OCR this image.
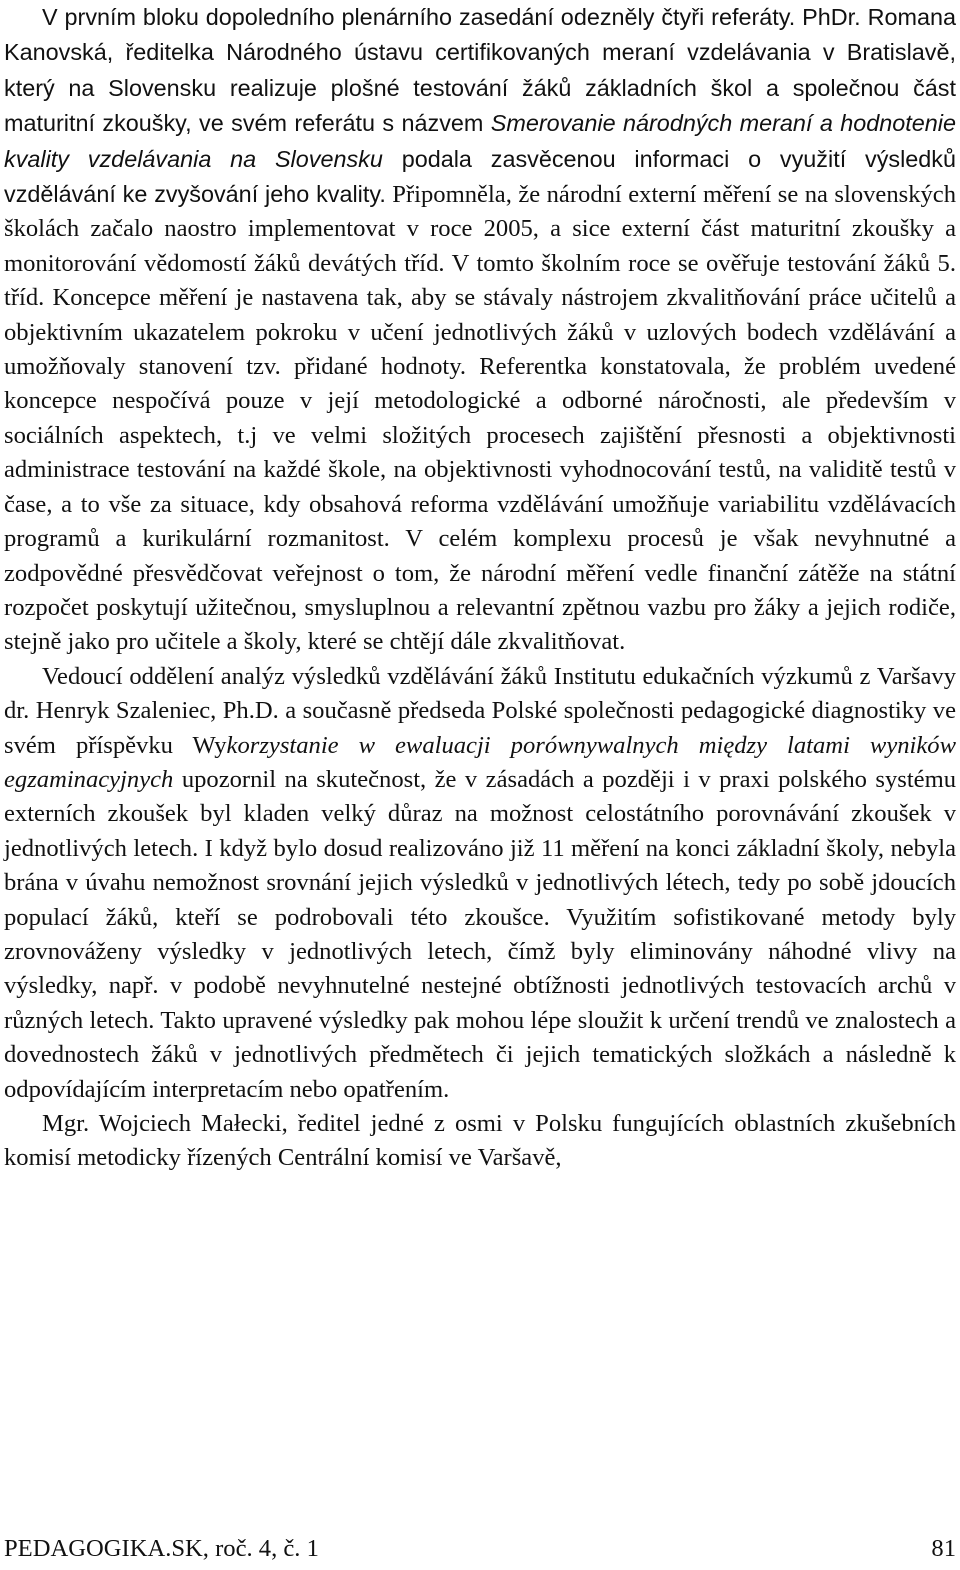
V prvním bloku dopoledního plenárního zasedání odezněly čtyři referáty. PhDr. Romana Kanovská, ředitelka Národného ústavu certifikovaných meraní vzdelávania v Bratislavě, který na Slovensku realizuje plošné testování žáků základních škol a společnou část maturitní zkoušky, ve svém referátu s názvem Smerovanie národných meraní a hodnotenie kvality vzdelávania na Slovensku podala zasvěcenou informaci o využití výsledků vzdělávání ke zvyšování jeho kvality. Připomněla, že národní externí měření se na slovenských školách začalo naostro implementovat v roce 2005, a sice externí část maturitní zkoušky a monitorování vědomostí žáků devátých tříd. V tomto školním roce se ověřuje testování žáků 5. tříd. Koncepce měření je nastavena tak, aby se stávaly nástrojem zkvalitňování práce učitelů a objektivním ukazatelem pokroku v učení jednotlivých žáků v uzlových bodech vzdělávání a umožňovaly stanovení tzv. přidané hodnoty. Referentka konstatovala, že problém uvedené koncepce nespočívá pouze v její metodologické a odborné náročnosti, ale především v sociálních aspektech, t.j ve velmi složitých procesech zajištění přesnosti a objektivnosti administrace testování na každé škole, na objektivnosti vyhodnocování testů, na validitě testů v čase, a to vše za situace, kdy obsahová reforma vzdělávání umožňuje variabilitu vzdělávacích programů a kurikulární rozmanitost. V celém komplexu procesů je však nevyhnutné a zodpovědné přesvědčovat veřejnost o tom, že národní měření vedle finanční zátěže na státní rozpočet poskytují užitečnou, smysluplnou a relevantní zpětnou vazbu pro žáky a jejich rodiče, stejně jako pro učitele a školy, které se chtějí dále zkvalitňovat.

Vedoucí oddělení analýz výsledků vzdělávání žáků Institutu edukačních výzkumů z Varšavy dr. Henryk Szaleniec, Ph.D. a současně předseda Polské společnosti pedagogické diagnostiky ve svém příspěvku Wykorzystanie w ewaluacji porównywalnych między latami wyników egzaminacyjnych upozornil na skutečnost, že v zásadách a později i v praxi polského systému externích zkoušek byl kladen velký důraz na možnost celostátního porovnávání zkoušek v jednotlivých letech. I když bylo dosud realizováno již 11 měření na konci základní školy, nebyla brána v úvahu nemožnost srovnání jejich výsledků v jednotlivých létech, tedy po sobě jdoucích populací žáků, kteří se podrobovali této zkoušce. Využitím sofistikované metody byly zrovnováženy výsledky v jednotlivých letech, čímž byly eliminovány náhodné vlivy na výsledky, např. v podobě nevyhnutelné nestejné obtížnosti jednotlivých testovacích archů v různých letech. Takto upravené výsledky pak mohou lépe sloužit k určení trendů ve znalostech a dovednostech žáků v jednotlivých předmětech či jejich tematických složkách a následně k odpovídajícím interpretacím nebo opatřením.

Mgr. Wojciech Małecki, ředitel jedné z osmi v Polsku fungujících oblastních zkušebních komisí metodicky řízených Centrální komisí ve Varšavě,

PEDAGOGIKA.SK, roč. 4, č. 1	81
